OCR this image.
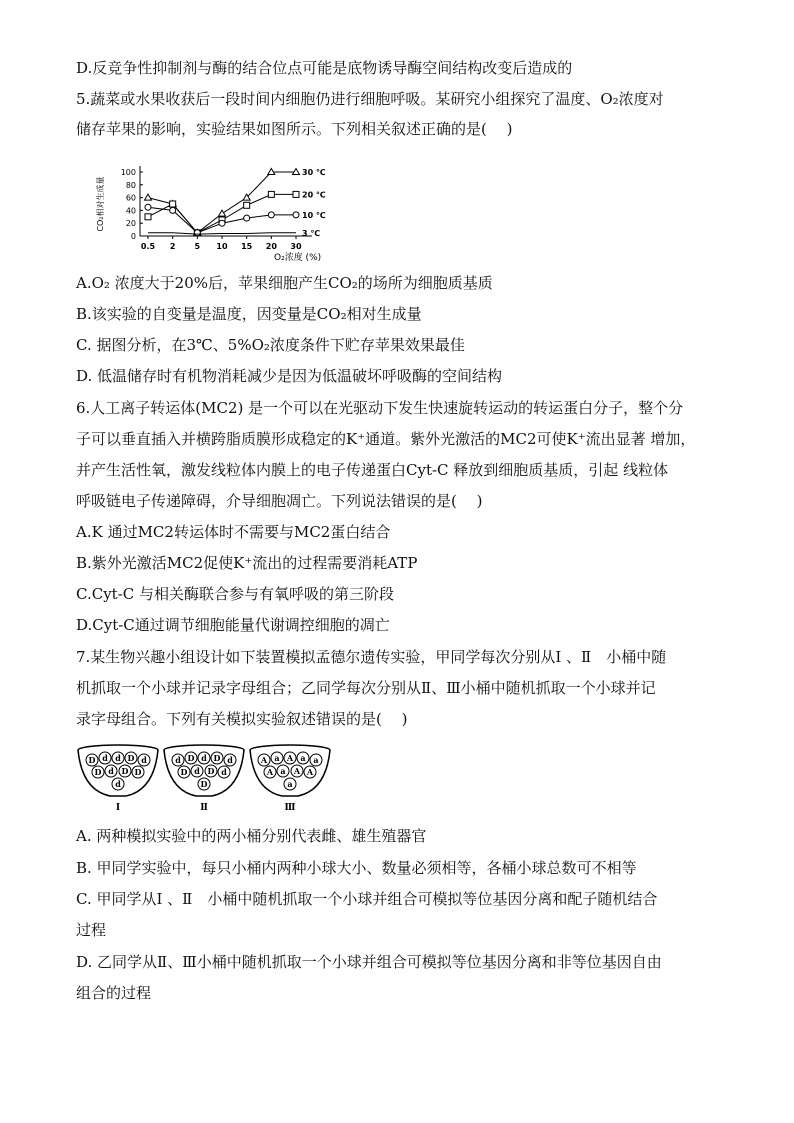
D.反竞争性抑制剂与酶的结合位点可能是底物诱导酶空间结构改变后造成的
5.蔬菜或水果收获后一段时间内细胞仍进行细胞呼吸。某研究小组探究了温度、O₂浓度对
储存苹果的影响，实验结果如图所示。下列相关叙述正确的是(　 )
0
20
40
60
80
100
0.5 2 5 10 15 20 30
CO₂相对生成量
O₂浓度 (%)
30 ℃
20 ℃
10 ℃
3 ℃
A.O₂ 浓度大于20%后，苹果细胞产生CO₂的场所为细胞质基质
B.该实验的自变量是温度，因变量是CO₂相对生成量
C. 据图分析，在3℃、5%O₂浓度条件下贮存苹果效果最佳
D. 低温储存时有机物消耗减少是因为低温破坏呼吸酶的空间结构
6.人工离子转运体(MC2) 是一个可以在光驱动下发生快速旋转运动的转运蛋白分子，整个分
子可以垂直插入并横跨脂质膜形成稳定的K⁺通道。紫外光激活的MC2可使K⁺流出显著 增加，
并产生活性氧，激发线粒体内膜上的电子传递蛋白Cyt-C 释放到细胞质基质，引起 线粒体
呼吸链电子传递障碍，介导细胞凋亡。下列说法错误的是(　 )
A.K 通过MC2转运体时不需要与MC2蛋白结合
B.紫外光激活MC2促使K⁺流出的过程需要消耗ATP
C.Cyt-C 与相关酶联合参与有氧呼吸的第三阶段
D.Cyt-C通过调节细胞能量代谢调控细胞的凋亡
7.某生物兴趣小组设计如下装置模拟孟德尔遗传实验，甲同学每次分别从Ⅰ 、Ⅱ　小桶中随
机抓取一个小球并记录字母组合；乙同学每次分别从Ⅱ、Ⅲ小桶中随机抓取一个小球并记
录字母组合。下列有关模拟实验叙述错误的是(　 )
D d d D d
D d D D
d
Ⅰ
d D d D d
D d D d
D
Ⅱ
A a A a a
A a A A
a
Ⅲ
A. 两种模拟实验中的两小桶分别代表雌、雄生殖器官
B. 甲同学实验中，每只小桶内两种小球大小、数量必须相等，各桶小球总数可不相等
C. 甲同学从Ⅰ 、Ⅱ　小桶中随机抓取一个小球并组合可模拟等位基因分离和配子随机结合
过程
D. 乙同学从Ⅱ、Ⅲ小桶中随机抓取一个小球并组合可模拟等位基因分离和非等位基因自由
组合的过程
